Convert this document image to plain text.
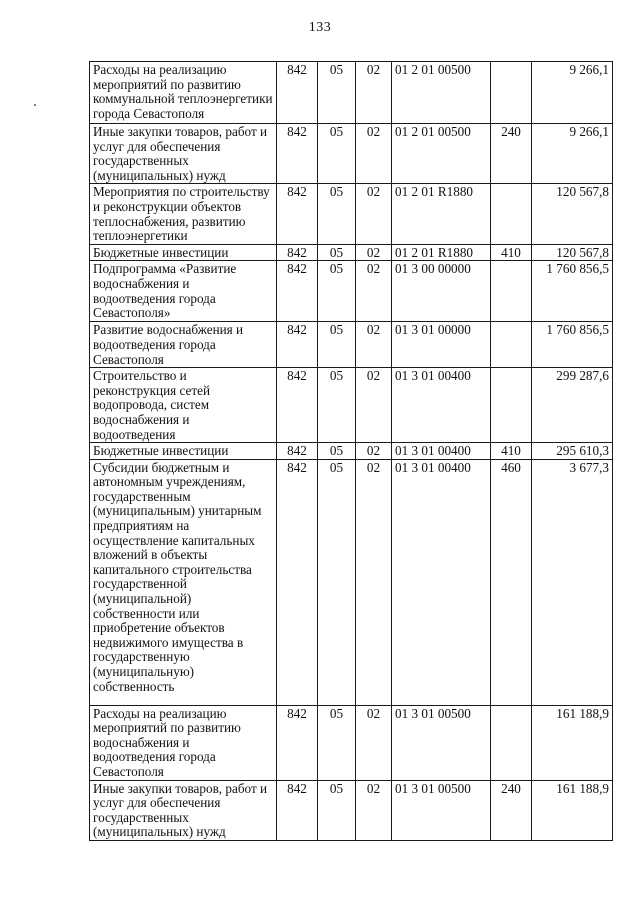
133
Расходы на реализацию мероприятий по развитию коммунальной теплоэнергетики города Севастополя	842	05	02	01 2 01 00500		9 266,1
Иные закупки товаров, работ и услуг для обеспечения государственных (муниципальных) нужд	842	05	02	01 2 01 00500	240	9 266,1
Мероприятия по строительству и реконструкции объектов теплоснабжения, развитию теплоэнергетики	842	05	02	01 2 01 R1880		120 567,8
Бюджетные инвестиции	842	05	02	01 2 01 R1880	410	120 567,8
Подпрограмма «Развитие водоснабжения и водоотведения города Севастополя»	842	05	02	01 3 00 00000		1 760 856,5
Развитие водоснабжения и водоотведения города Севастополя	842	05	02	01 3 01 00000		1 760 856,5
Строительство и реконструкция сетей водопровода, систем водоснабжения и водоотведения	842	05	02	01 3 01 00400		299 287,6
Бюджетные инвестиции	842	05	02	01 3 01 00400	410	295 610,3
Субсидии бюджетным и автономным учреждениям, государственным (муниципальным) унитарным предприятиям на осуществление капитальных вложений в объекты капитального строительства государственной (муниципальной) собственности или приобретение объектов недвижимого имущества в государственную (муниципальную) собственность	842	05	02	01 3 01 00400	460	3 677,3
Расходы на реализацию мероприятий по развитию водоснабжения и водоотведения города Севастополя	842	05	02	01 3 01 00500		161 188,9
Иные закупки товаров, работ и услуг для обеспечения государственных (муниципальных) нужд	842	05	02	01 3 01 00500	240	161 188,9
